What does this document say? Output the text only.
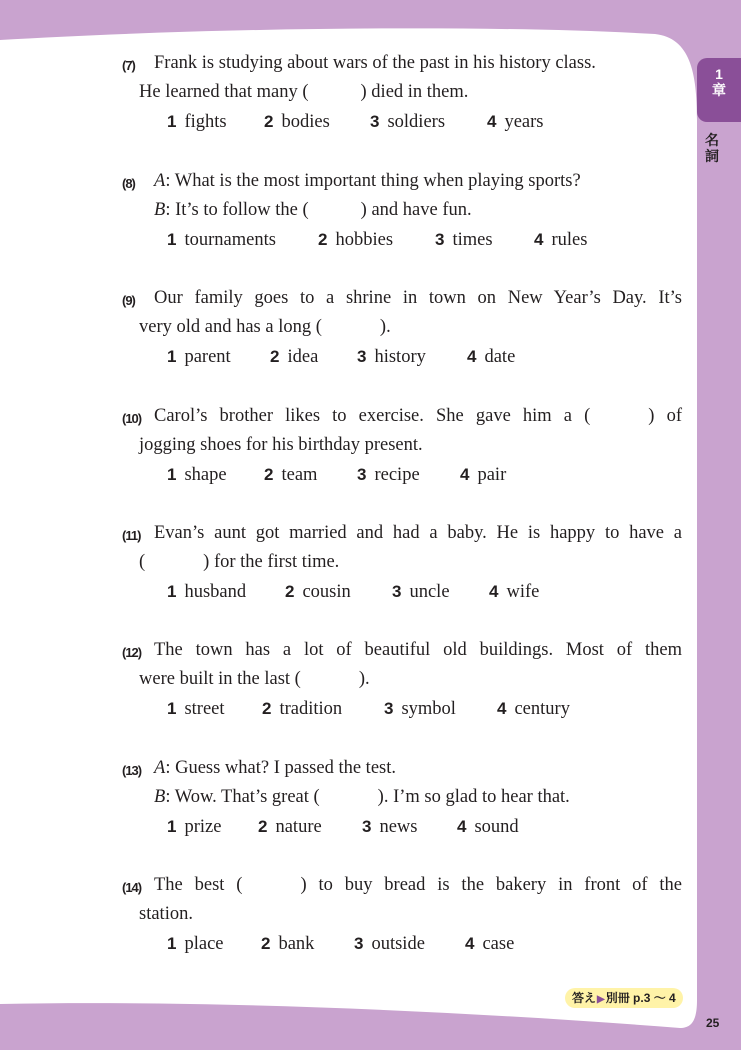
1
章
名詞
(7) Frank is studying about wars of the past in his history class.
He learned that many (	) died in them.
1 fights 2 bodies 3 soldiers 4 years
(8) A: What is the most important thing when playing sports?
B: It’s to follow the (	) and have fun.
1 tournaments 2 hobbies 3 times 4 rules
(9) Our family goes to a shrine in town on New Year’s Day. It’s
very old and has a long (	).
1 parent 2 idea 3 history 4 date
(10) Carol’s brother likes to exercise. She gave him a (	) of
jogging shoes for his birthday present.
1 shape 2 team 3 recipe 4 pair
(11) Evan’s aunt got married and had a baby. He is happy to have a
(	) for the first time.
1 husband 2 cousin 3 uncle 4 wife
(12) The town has a lot of beautiful old buildings. Most of them
were built in the last (	).
1 street 2 tradition 3 symbol 4 century
(13) A: Guess what? I passed the test.
B: Wow. That’s great (	). I’m so glad to hear that.
1 prize 2 nature 3 news 4 sound
(14) The best (	) to buy bread is the bakery in front of the
station.
1 place 2 bank 3 outside 4 case
答え▶別冊 p.3 ～ 4
25
